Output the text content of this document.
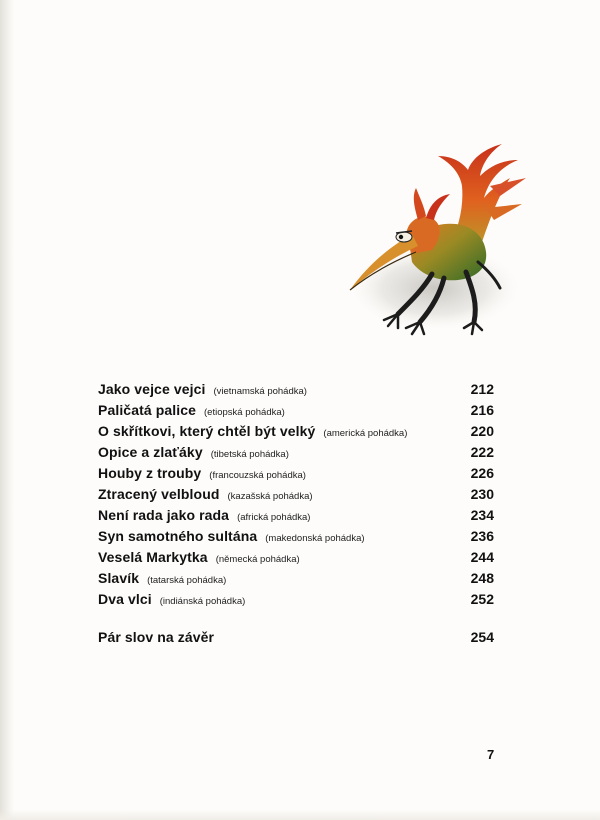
Jako vejce vejci (vietnamská pohádka)	212
Paličatá palice (etiopská pohádka)	216
O skřítkovi, který chtěl být velký (americká pohádka)	220
Opice a zlaťáky (tibetská pohádka)	222
Houby z trouby (francouzská pohádka)	226
Ztracený velbloud (kazašská pohádka)	230
Není rada jako rada (africká pohádka)	234
Syn samotného sultána (makedonská pohádka)	236
Veselá Markytka (německá pohádka)	244
Slavík (tatarská pohádka)	248
Dva vlci (indiánská pohádka)	252
Pár slov na závěr	254
7
